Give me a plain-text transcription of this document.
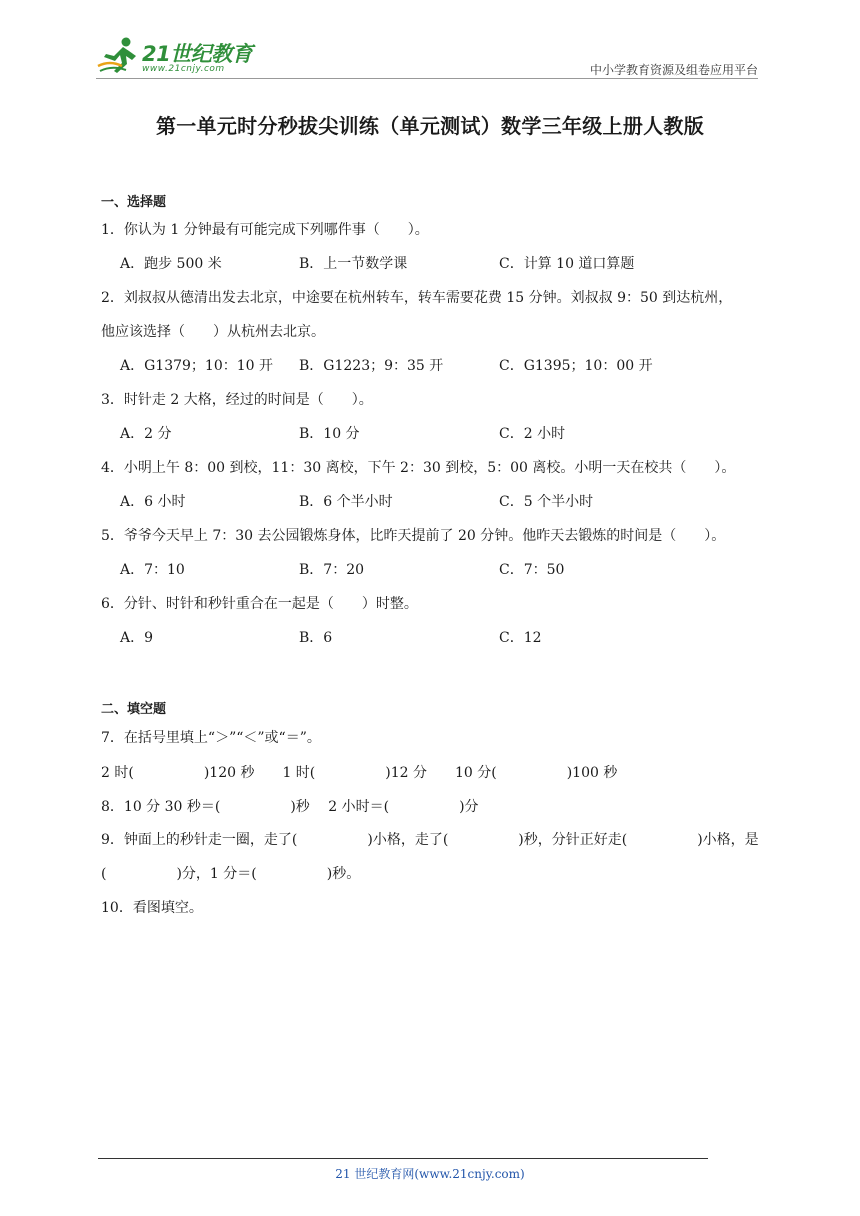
21世纪教育
www.21cnjy.com	中小学教育资源及组卷应用平台
第一单元时分秒拔尖训练（单元测试）数学三年级上册人教版
一、选择题
1．你认为 1 分钟最有可能完成下列哪件事（　　）。
A．跑步 500 米	B．上一节数学课	C．计算 10 道口算题
2．刘叔叔从德清出发去北京，中途要在杭州转车，转车需要花费 15 分钟。刘叔叔 9：50 到达杭州，
他应该选择（　　）从杭州去北京。
A．G1379；10：10 开 B．G1223；9：35 开	C．G1395；10：00 开
3．时针走 2 大格，经过的时间是（　　）。
A．2 分	B．10 分	C．2 小时
4．小明上午 8：00 到校，11：30 离校，下午 2：30 到校，5：00 离校。小明一天在校共（　　）。
A．6 小时	B．6 个半小时	C．5 个半小时
5．爷爷今天早上 7：30 去公园锻炼身体，比昨天提前了 20 分钟。他昨天去锻炼的时间是（　　）。
A．7：10	B．7：20	C．7：50
6．分针、时针和秒针重合在一起是（　　）时整。
A．9	B．6	C．12
二、填空题
7．在括号里填上“＞”“＜”或“＝”。
2 时(　　　　　)120 秒　　1 时(　　　　　)12 分　　10 分(　　　　　)100 秒
8．10 分 30 秒＝(　　　　　)秒　 2 小时＝(　　　　　)分
9．钟面上的秒针走一圈，走了(　　　　　)小格，走了(　　　　　)秒，分针正好走(　　　　　)小格，是
(　　　　　)分，1 分＝(　　　　　)秒。
10．看图填空。
21 世纪教育网(www.21cnjy.com)
